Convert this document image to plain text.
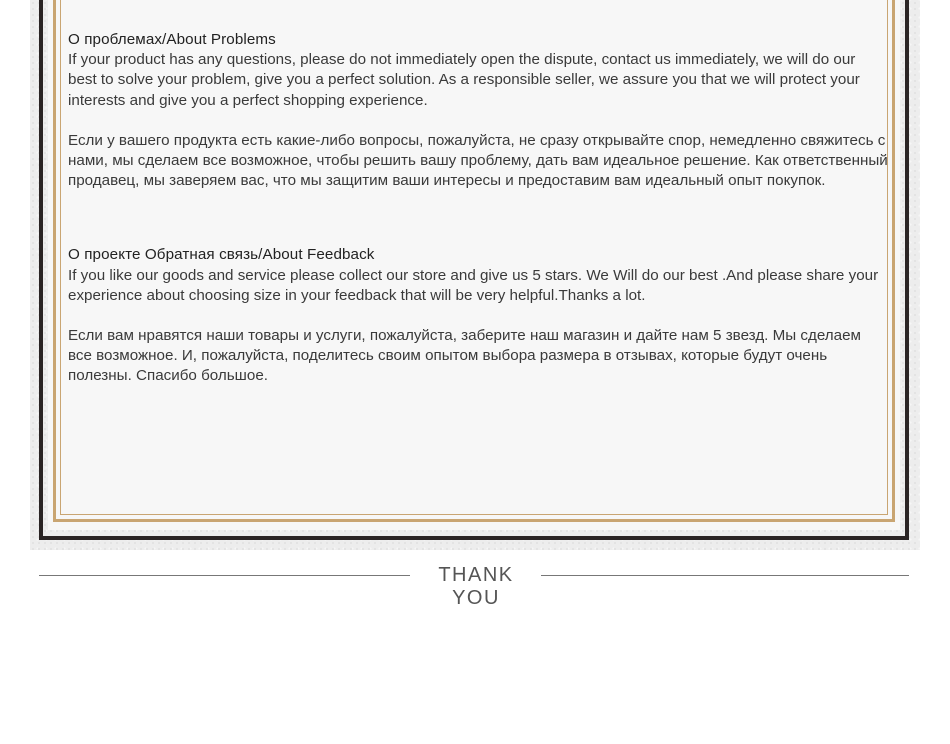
О проблемах/About Problems

If your product has any questions, please do not immediately open the dispute, contact us immediately, we will do our best to solve your problem, give you a perfect solution. As a responsible seller, we assure you that we will protect your interests and give you a perfect shopping experience.

Если у вашего продукта есть какие-либо вопросы, пожалуйста, не сразу открывайте спор, немедленно свяжитесь с нами, мы сделаем все возможное, чтобы решить вашу проблему, дать вам идеальное решение. Как ответственный продавец, мы заверяем вас, что мы защитим ваши интересы и предоставим вам идеальный опыт покупок.

О проекте Обратная связь/About Feedback

If you like our goods and service please collect our store and give us 5 stars. We Will do our best .And please share your experience about choosing size in your feedback that will be very helpful.Thanks a lot.

Если вам нравятся наши товары и услуги, пожалуйста, заберите наш магазин и дайте нам 5 звезд. Мы сделаем все возможное. И, пожалуйста, поделитесь своим опытом выбора размера в отзывах, которые будут очень полезны. Спасибо большое.

THANK YOU
